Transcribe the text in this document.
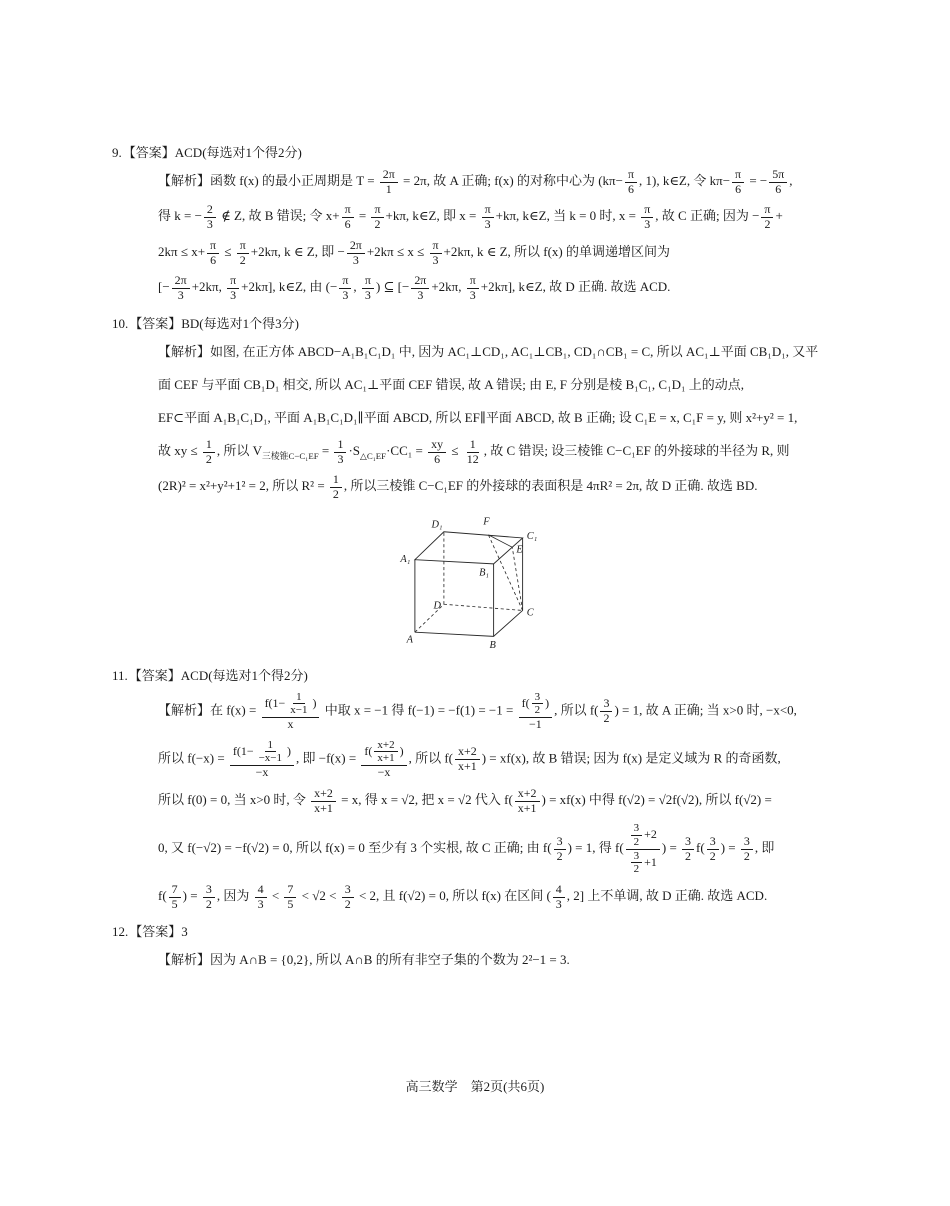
9.【答案】ACD(每选对1个得2分)
【解析】函数 f(x) 的最小正周期是 $T = \frac{2\pi}{1} = 2\pi$, 故 A 正确; f(x) 的对称中心为 ($k\pi- \frac{\pi}{6}$ , 1), k∈Z, 令 $k\pi- \frac{\pi}{6}$ = − $\frac{5\pi}{6}$ ,
得 k = − $\frac{2}{3}$ ∉ Z, 故 B 错误; 令 $x+ \frac{\pi}{6} = \frac{\pi}{2} +k\pi$, k∈Z, 即 $x = \frac{\pi}{3} +k\pi$, k∈Z, 当 k = 0 时, $x = \frac{\pi}{3}$ , 故 C 正确; 因为 − $\frac{\pi}{2}$ +
$2k\pi \le x+ \frac{\pi}{6} \le \frac{\pi}{2} +2k\pi$, k ∈ Z, 即 − $\frac{2\pi}{3} +2k\pi \le x \le \frac{\pi}{3} +2k\pi$, k ∈ Z, 所以 f(x) 的单调递增区间为
[− $\frac{2\pi}{3} +2k\pi$, $\frac{\pi}{3} +2k\pi$], k∈Z, 由 (− $\frac{\pi}{3}$ , $\frac{\pi}{3}$ ) ⊆ [− $\frac{2\pi}{3} +2k\pi$, $\frac{\pi}{3} +2k\pi$], k∈Z, 故 D 正确. 故选 ACD.
10.【答案】BD(每选对1个得3分)
【解析】如图, 在正方体 ABCD−A₁B₁C₁D₁ 中, 因为 AC₁⊥CD₁, AC₁⊥CB₁, CD₁∩CB₁ = C, 所以 AC₁⊥平面 CB₁D₁, 又平
面 CEF 与平面 CB₁D₁ 相交, 所以 AC₁⊥平面 CEF 错误, 故 A 错误; 由 E, F 分别是棱 B₁C₁, C₁D₁ 上的动点,
EF⊂平面 A₁B₁C₁D₁, 平面 A₁B₁C₁D₁∥平面 ABCD, 所以 EF∥平面 ABCD, 故 B 正确; 设 C₁E = x, C₁F = y, 则 x²+y² = 1,
故 xy ≤ $\frac{1}{2}$ , 所以 $V_{三棱锥C-C_1EF} = \frac{1}{3} \cdot S_{\triangle C_1EF}\cdot CC_1 = \frac{xy}{6} \le \frac{1}{12}$ , 故 C 错误; 设三棱锥 C−C₁EF 的外接球的半径为 R, 则
(2R)² = x²+y²+1² = 2, 所以 $R^2 = \frac{1}{2}$ , 所以三棱锥 C−C₁EF 的外接球的表面积是 4πR² = 2π, 故 D 正确. 故选 BD.
A	B
C
D
A₁
B₁
C₁
D₁
E
F
11.【答案】ACD(每选对1个得2分)
【解析】在 $f(x) = \frac{f(1- \frac{1}{x-1} )}{x}$ 中取 x = −1 得 $f(-1) = -f(1) = -1 = \frac{f( \frac{3}{2} )}{-1}$ , 所以 $f( \frac{3}{2}$ ) = 1, 故 A 正确; 当 x>0 时, −x<0,
所以 $f(-x) = \frac{f(1- \frac{1}{-x-1} )}{-x}$ , 即 $-f(x) = \frac{f( \frac{x+2}{x+1} )}{-x}$ , 所以 $f( \frac{x+2}{x+1}$ ) = xf(x), 故 B 错误; 因为 f(x) 是定义域为 R 的奇函数,
所以 f(0) = 0, 当 x>0 时, 令 $\frac{x+2}{x+1} = x$, 得 x = √2, 把 x = √2 代入 $f( \frac{x+2}{x+1}$ ) = xf(x) 中得 f(√2) = √2f(√2), 所以 f(√2) =
0, 又 f(−√2) = −f(√2) = 0, 所以 f(x) = 0 至少有 3 个实根, 故 C 正确; 由 $f( \frac{3}{2}$ ) = 1, 得 $f( \frac{\frac{3}{2} +2}{\frac{3}{2} +1}$ ) = $\frac{3}{2} f( \frac{3}{2}$ ) = $\frac{3}{2}$ , 即
$f( \frac{7}{5}$ ) = $\frac{3}{2}$ , 因为 $\frac{4}{3} < \frac{7}{5} < √2 < \frac{3}{2} < 2$, 且 f(√2) = 0, 所以 f(x) 在区间 ( $\frac{4}{3}$ , 2] 上不单调, 故 D 正确. 故选 ACD.
12.【答案】3
【解析】因为 A∩B = {0,2}, 所以 A∩B 的所有非空子集的个数为 2²−1 = 3.
高三数学　第2页(共6页)
